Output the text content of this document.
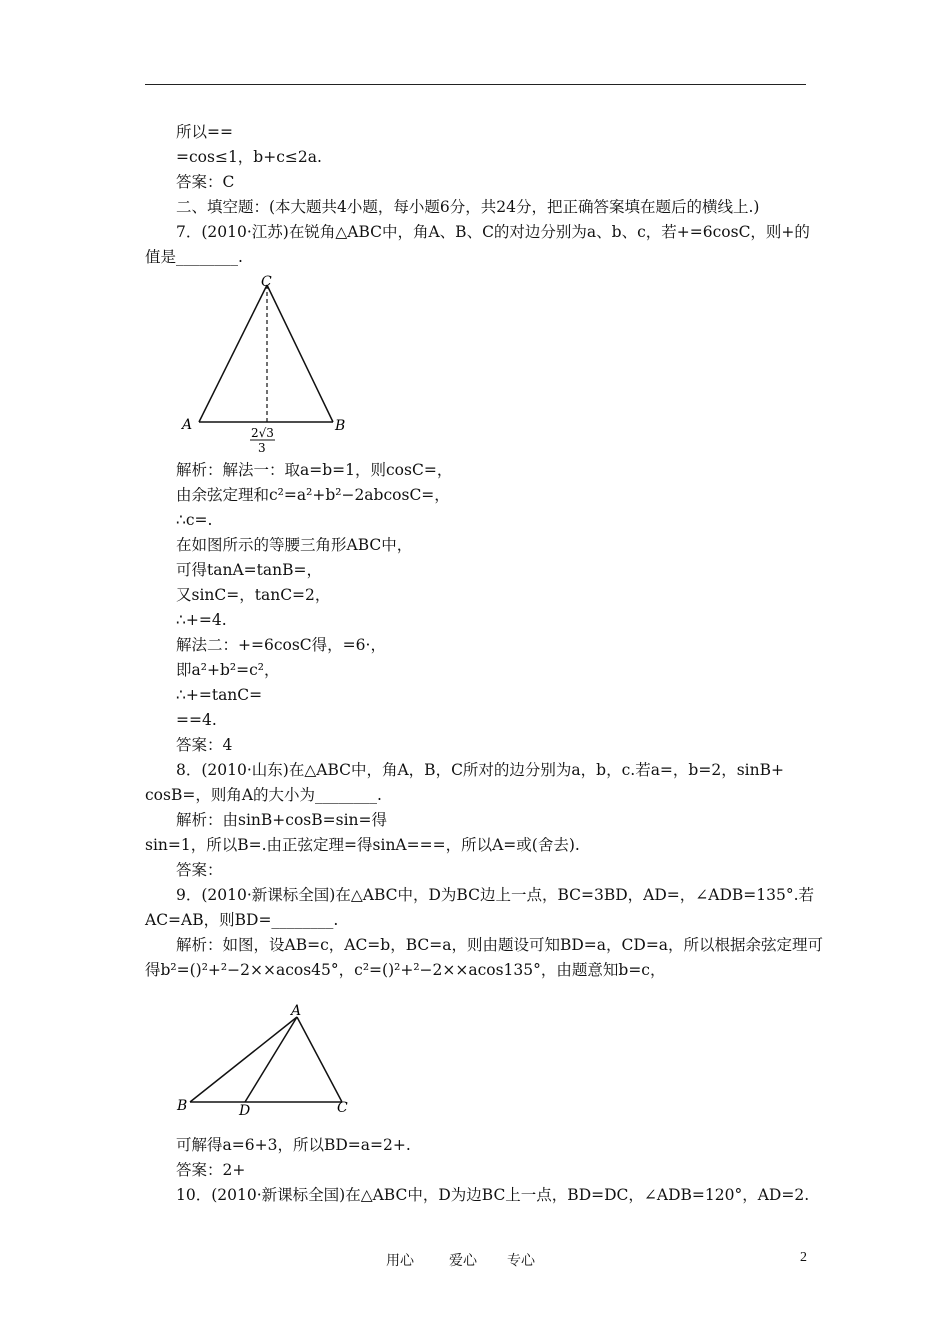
所以==
=cos≤1，b+c≤2a.
答案：C
二、填空题：(本大题共4小题，每小题6分，共24分，把正确答案填在题后的横线上.)
7．(2010·江苏)在锐角△ABC中，角A、B、C的对边分别为a、b、c，若+=6cosC，则+的
值是________.
C
A	B
2√3
3
解析：解法一：取a=b=1，则cosC=，
由余弦定理和c²=a²+b²−2abcosC=，
∴c=.
在如图所示的等腰三角形ABC中，
可得tanA=tanB=，
又sinC=，tanC=2，
∴+=4.
解法二：+=6cosC得，=6·，
即a²+b²=c²，
∴+=tanC=
==4.
答案：4
8．(2010·山东)在△ABC中，角A，B，C所对的边分别为a，b，c.若a=，b=2，sinB+
cosB=，则角A的大小为________.
解析：由sinB+cosB=sin=得
sin=1，所以B=.由正弦定理=得sinA===，所以A=或(舍去).
答案：
9．(2010·新课标全国)在△ABC中，D为BC边上一点，BC=3BD，AD=，∠ADB=135°.若
AC=AB，则BD=________.
解析：如图，设AB=c，AC=b，BC=a，则由题设可知BD=a，CD=a，所以根据余弦定理可
得b²=()²+²−2××acos45°，c²=()²+²−2××acos135°，由题意知b=c，
A
B	D	C
可解得a=6+3，所以BD=a=2+.
答案：2+
10．(2010·新课标全国)在△ABC中，D为边BC上一点，BD=DC，∠ADB=120°，AD=2.
用心	爱心 专心	2
